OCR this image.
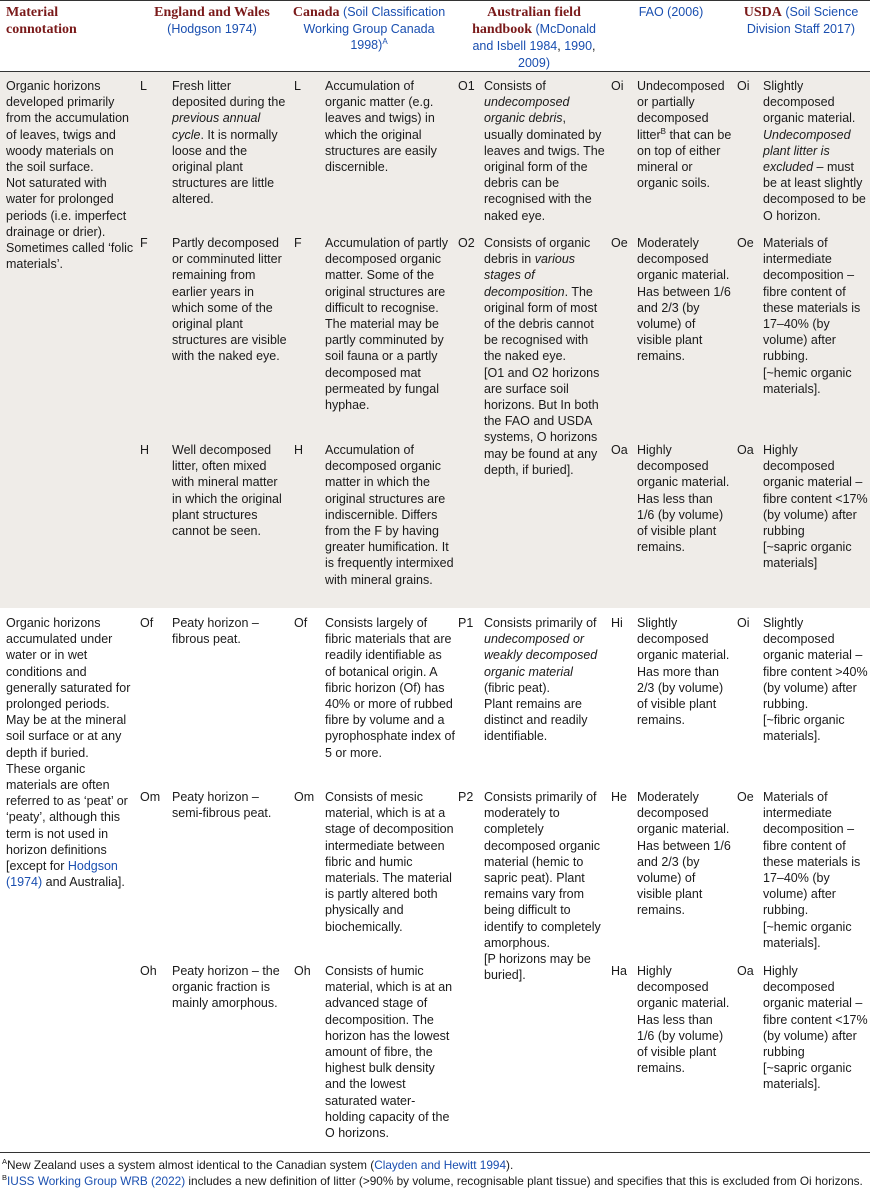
Material connotation
England and Wales
(Hodgson 1974)
Canada (Soil Classification Working Group Canada 1998)$^A$
Australian field handbook (McDonald and Isbell 1984, 1990, 2009)
FAO (2006)	USDA (Soil Science Division Staff 2017)
Organic horizons developed primarily from the accumulation of leaves, twigs and woody materials on the soil surface.
Not saturated with water for prolonged periods (i.e. imperfect drainage or drier).
Sometimes called ‘folic materials’.
L Fresh litter deposited during the previous annual cycle. It is normally loose and the original plant structures are little altered.
L Accumulation of organic matter (e.g. leaves and twigs) in which the original structures are easily discernible.
O1 Consists of undecomposed organic debris, usually dominated by leaves and twigs. The original form of the debris can be recognised with the naked eye.
Oi Undecomposed or partially decomposed litter$^B$ that can be on top of either mineral or organic soils.
Oi Slightly decomposed organic material. Undecomposed plant litter is excluded – must be at least slightly decomposed to be O horizon.
F Partly decomposed or comminuted litter remaining from earlier years in which some of the original plant structures are visible with the naked eye.
F Accumulation of partly decomposed organic matter. Some of the original structures are difficult to recognise. The material may be partly comminuted by soil fauna or a partly decomposed mat permeated by fungal hyphae.
O2 Consists of organic debris in various stages of decomposition. The original form of most of the debris cannot be recognised with the naked eye.
[O1 and O2 horizons are surface soil horizons. But In both the FAO and USDA systems, O horizons may be found at any depth, if buried].
Oe Moderately decomposed organic material.
Has between 1/6 and 2/3 (by volume) of visible plant remains.
Oe Materials of intermediate decomposition – fibre content of these materials is 17–40% (by volume) after rubbing.
[~hemic organic materials].
H Well decomposed litter, often mixed with mineral matter in which the original plant structures cannot be seen.
H Accumulation of decomposed organic matter in which the original structures are indiscernible. Differs from the F by having greater humification. It is frequently intermixed with mineral grains.
Oa Highly decomposed organic material.
Has less than 1/6 (by volume) of visible plant remains.
Oa Highly decomposed organic material – fibre content <17% (by volume) after rubbing
[~sapric organic materials]
Organic horizons accumulated under water or in wet conditions and generally saturated for prolonged periods.
May be at the mineral soil surface or at any depth if buried.
These organic materials are often referred to as ‘peat’ or ‘peaty’, although this term is not used in horizon definitions [except for Hodgson (1974) and Australia].
Of Peaty horizon – fibrous peat.
Of Consists largely of fibric materials that are readily identifiable as of botanical origin. A fibric horizon (Of) has 40% or more of rubbed fibre by volume and a pyrophosphate index of 5 or more.
P1 Consists primarily of undecomposed or weakly decomposed organic material (fibric peat).
Plant remains are distinct and readily identifiable.
Hi Slightly decomposed organic material.
Has more than 2/3 (by volume) of visible plant remains.
Oi Slightly decomposed organic material – fibre content >40% (by volume) after rubbing.
[~fibric organic materials].
Om Peaty horizon – semi-fibrous peat.
Om Consists of mesic material, which is at a stage of decomposition intermediate between fibric and humic materials. The material is partly altered both physically and biochemically.
P2 Consists primarily of moderately to completely decomposed organic material (hemic to sapric peat). Plant remains vary from being difficult to identify to completely amorphous.
[P horizons may be buried].
He Moderately decomposed organic material.
Has between 1/6 and 2/3 (by volume) of visible plant remains.
Oe Materials of intermediate decomposition – fibre content of these materials is 17–40% (by volume) after rubbing.
[~hemic organic materials].
Oh Peaty horizon – the organic fraction is mainly amorphous.
Oh Consists of humic material, which is at an advanced stage of decomposition. The horizon has the lowest amount of fibre, the highest bulk density and the lowest saturated water-holding capacity of the O horizons.
Ha Highly decomposed organic material.
Has less than 1/6 (by volume) of visible plant remains.
Oa Highly decomposed organic material – fibre content <17% (by volume) after rubbing
[~sapric organic materials].
$^A$New Zealand uses a system almost identical to the Canadian system (Clayden and Hewitt 1994).
$^B$IUSS Working Group WRB (2022) includes a new definition of litter (>90% by volume, recognisable plant tissue) and specifies that this is excluded from Oi horizons.
